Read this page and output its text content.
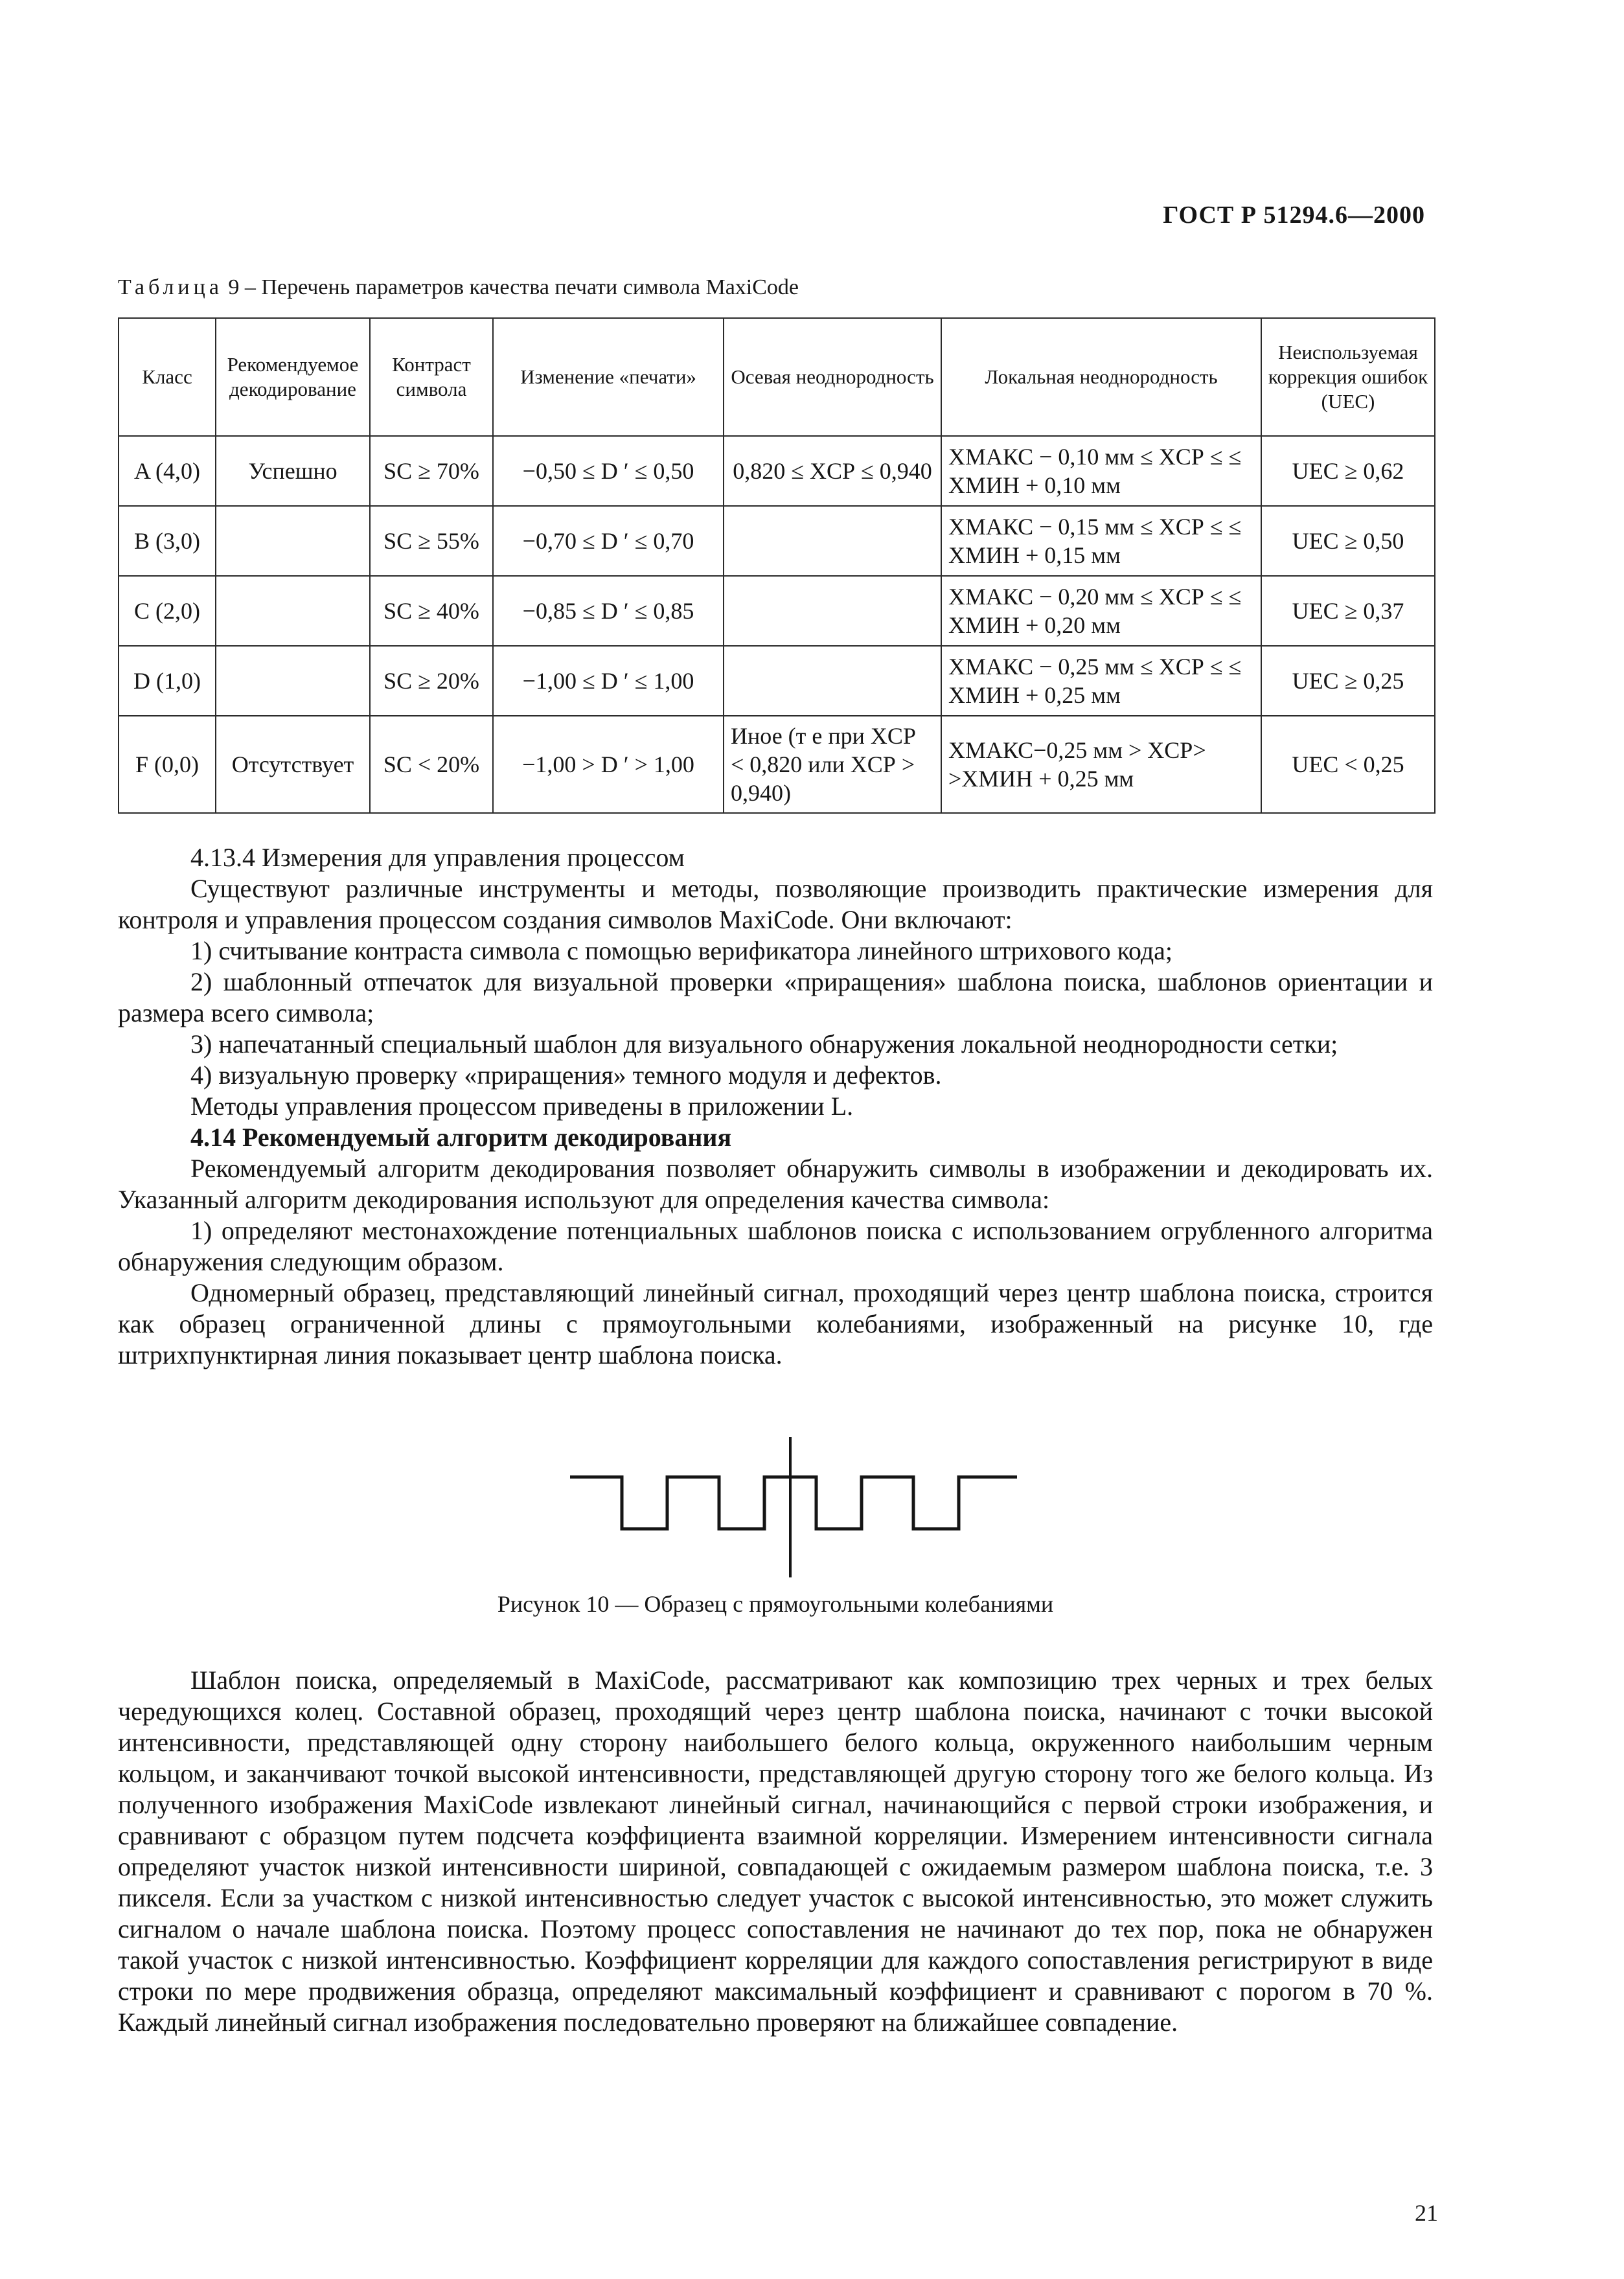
ГОСТ Р 51294.6—2000
Таблица 9 – Перечень параметров качества печати символа MaxiCode
Класс	Рекомендуемое декодирование	Контраст символа	Изменение «печати»	Осевая неоднородность	Локальная неоднородность	Неиспользуемая коррекция ошибок (UEC)
A (4,0)	Успешно	SC ≥ 70%	−0,50 ≤ D ′ ≤ 0,50	0,820 ≤ XСР ≤ 0,940	XМАКС − 0,10 мм ≤ XСР ≤ ≤ XМИН + 0,10 мм	UEC ≥ 0,62
B (3,0)		SC ≥ 55%	−0,70 ≤ D ′ ≤ 0,70		XМАКС − 0,15 мм ≤ XСР ≤ ≤ XМИН + 0,15 мм	UEC ≥ 0,50
C (2,0)		SC ≥ 40%	−0,85 ≤ D ′ ≤ 0,85		XМАКС − 0,20 мм ≤ XСР ≤ ≤ XМИН + 0,20 мм	UEC ≥ 0,37
D (1,0)		SC ≥ 20%	−1,00 ≤ D ′ ≤ 1,00		XМАКС − 0,25 мм ≤ XСР ≤ ≤ XМИН + 0,25 мм	UEC ≥ 0,25
F (0,0)	Отсутствует	SC < 20%	−1,00 > D ′ > 1,00	Иное (т е при XСР < 0,820 или XСР > 0,940)	XМАКС−0,25 мм > XСР> >XМИН + 0,25 мм	UEC < 0,25

4.13.4 Измерения для управления процессом

Существуют различные инструменты и методы, позволяющие производить практические измерения для контроля и управления процессом создания символов MaxiCode. Они включают:

1) считывание контраста символа с помощью верификатора линейного штрихового кода;

2) шаблонный отпечаток для визуальной проверки «приращения» шаблона поиска, шаблонов ориентации и размера всего символа;

3) напечатанный специальный шаблон для визуального обнаружения локальной неоднородности сетки;

4) визуальную проверку «приращения» темного модуля и дефектов.

Методы управления процессом приведены в приложении L.

4.14 Рекомендуемый алгоритм декодирования

Рекомендуемый алгоритм декодирования позволяет обнаружить символы в изображении и декодировать их. Указанный алгоритм декодирования используют для определения качества символа:

1) определяют местонахождение потенциальных шаблонов поиска с использованием огрубленного алгоритма обнаружения следующим образом.

Одномерный образец, представляющий линейный сигнал, проходящий через центр шаблона поиска, строится как образец ограниченной длины с прямоугольными колебаниями, изображенный на рисунке 10, где штрихпунктирная линия показывает центр шаблона поиска.

Рисунок 10 — Образец с прямоугольными колебаниями

Шаблон поиска, определяемый в MaxiCode, рассматривают как композицию трех черных и трех белых чередующихся колец. Составной образец, проходящий через центр шаблона поиска, начинают с точки высокой интенсивности, представляющей одну сторону наибольшего белого кольца, окруженного наибольшим черным кольцом, и заканчивают точкой высокой интенсивности, представляющей другую сторону того же белого кольца. Из полученного изображения MaxiCode извлекают линейный сигнал, начинающийся с первой строки изображения, и сравнивают с образцом путем подсчета коэффициента взаимной корреляции. Измерением интенсивности сигнала определяют участок низкой интенсивности шириной, совпадающей с ожидаемым размером шаблона поиска, т.е. 3 пикселя. Если за участком с низкой интенсивностью следует участок с высокой интенсивностью, это может служить сигналом о начале шаблона поиска. Поэтому процесс сопоставления не начинают до тех пор, пока не обнаружен такой участок с низкой интенсивностью. Коэффициент корреляции для каждого сопоставления регистрируют в виде строки по мере продвижения образца, определяют максимальный коэффициент и сравнивают с порогом в 70 %. Каждый линейный сигнал изображения последовательно проверяют на ближайшее совпадение.

21
